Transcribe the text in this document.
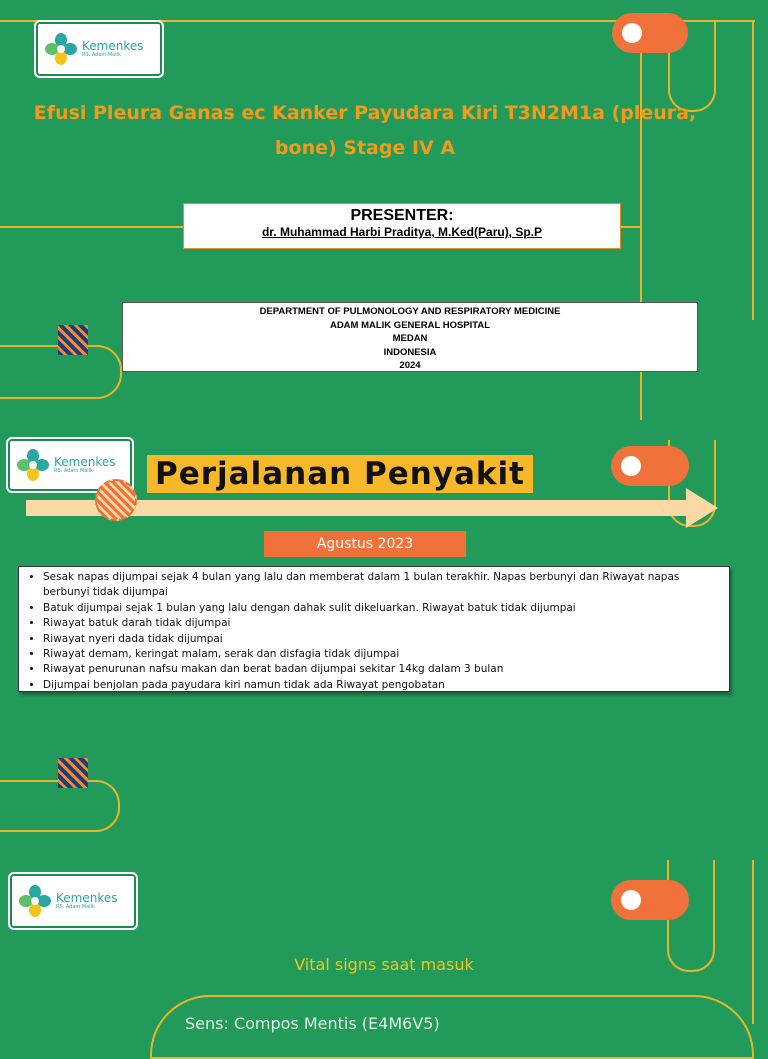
Kemenkes
RS. Adam Malik
Efusi Pleura Ganas ec Kanker Payudara Kiri T3N2M1a (pleura, bone) Stage IV A
PRESENTER:
dr. Muhammad Harbi Praditya, M.Ked(Paru), Sp.P
DEPARTMENT OF PULMONOLOGY AND RESPIRATORY MEDICINE
ADAM MALIK GENERAL HOSPITAL
MEDAN
INDONESIA
2024
Kemenkes
RS. Adam Malik	Perjalanan Penyakit
Agustus 2023
• Sesak napas dijumpai sejak 4 bulan yang lalu dan memberat dalam 1 bulan terakhir. Napas berbunyi dan Riwayat napas berbunyi tidak dijumpai
• Batuk dijumpai sejak 1 bulan yang lalu dengan dahak sulit dikeluarkan. Riwayat batuk tidak dijumpai
• Riwayat batuk darah tidak dijumpai
• Riwayat nyeri dada tidak dijumpai
• Riwayat demam, keringat malam, serak dan disfagia tidak dijumpai
• Riwayat penurunan nafsu makan dan berat badan dijumpai sekitar 14kg dalam 3 bulan
• Dijumpai benjolan pada payudara kiri namun tidak ada Riwayat pengobatan
Kemenkes
RS. Adam Malik
Vital signs saat masuk
Sens: Compos Mentis (E4M6V5)
